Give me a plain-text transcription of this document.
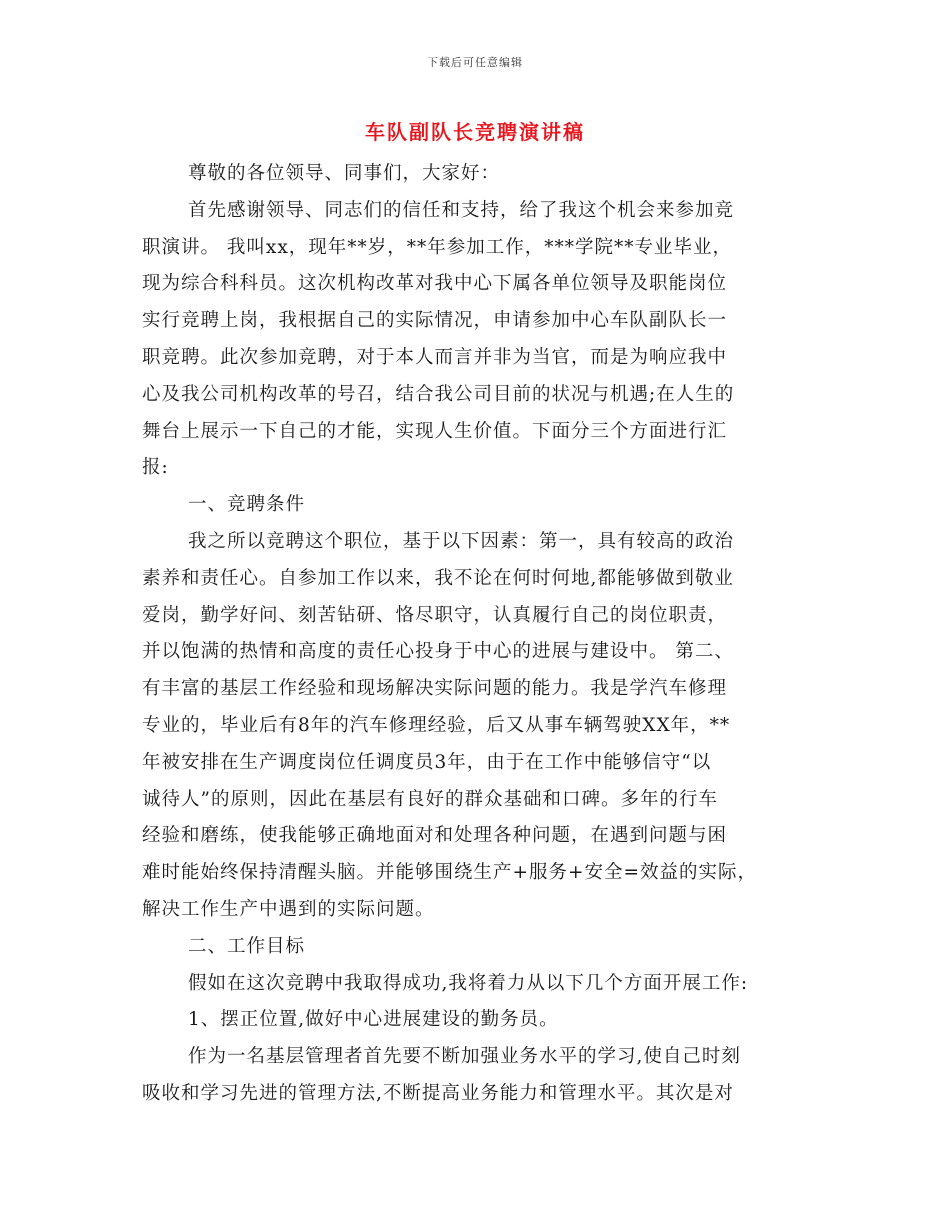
下载后可任意编辑
车队副队长竞聘演讲稿
尊敬的各位领导、同事们，大家好：
首先感谢领导、同志们的信任和支持，给了我这个机会来参加竞
职演讲。 我叫xx，现年**岁，**年参加工作，***学院**专业毕业，
现为综合科科员。这次机构改革对我中心下属各单位领导及职能岗位
实行竞聘上岗，我根据自己的实际情况，申请参加中心车队副队长一
职竞聘。此次参加竞聘，对于本人而言并非为当官，而是为响应我中
心及我公司机构改革的号召，结合我公司目前的状况与机遇;在人生的
舞台上展示一下自己的才能，实现人生价值。下面分三个方面进行汇
报:
一、竞聘条件
我之所以竞聘这个职位，基于以下因素：第一，具有较高的政治
素养和责任心。自参加工作以来，我不论在何时何地,都能够做到敬业
爱岗，勤学好问、刻苦钻研、恪尽职守，认真履行自己的岗位职责，
并以饱满的热情和高度的责任心投身于中心的进展与建设中。 第二、
有丰富的基层工作经验和现场解决实际问题的能力。我是学汽车修理
专业的，毕业后有8年的汽车修理经验，后又从事车辆驾驶XX年，**
年被安排在生产调度岗位任调度员3年，由于在工作中能够信守“以
诚待人”的原则，因此在基层有良好的群众基础和口碑。多年的行车
经验和磨练，使我能够正确地面对和处理各种问题，在遇到问题与困
难时能始终保持清醒头脑。并能够围绕生产+服务+安全=效益的实际，
解决工作生产中遇到的实际问题。
二、工作目标
假如在这次竞聘中我取得成功,我将着力从以下几个方面开展工作:
1、摆正位置,做好中心进展建设的勤务员。
作为一名基层管理者首先要不断加强业务水平的学习,使自己时刻
吸收和学习先进的管理方法,不断提高业务能力和管理水平。其次是对
